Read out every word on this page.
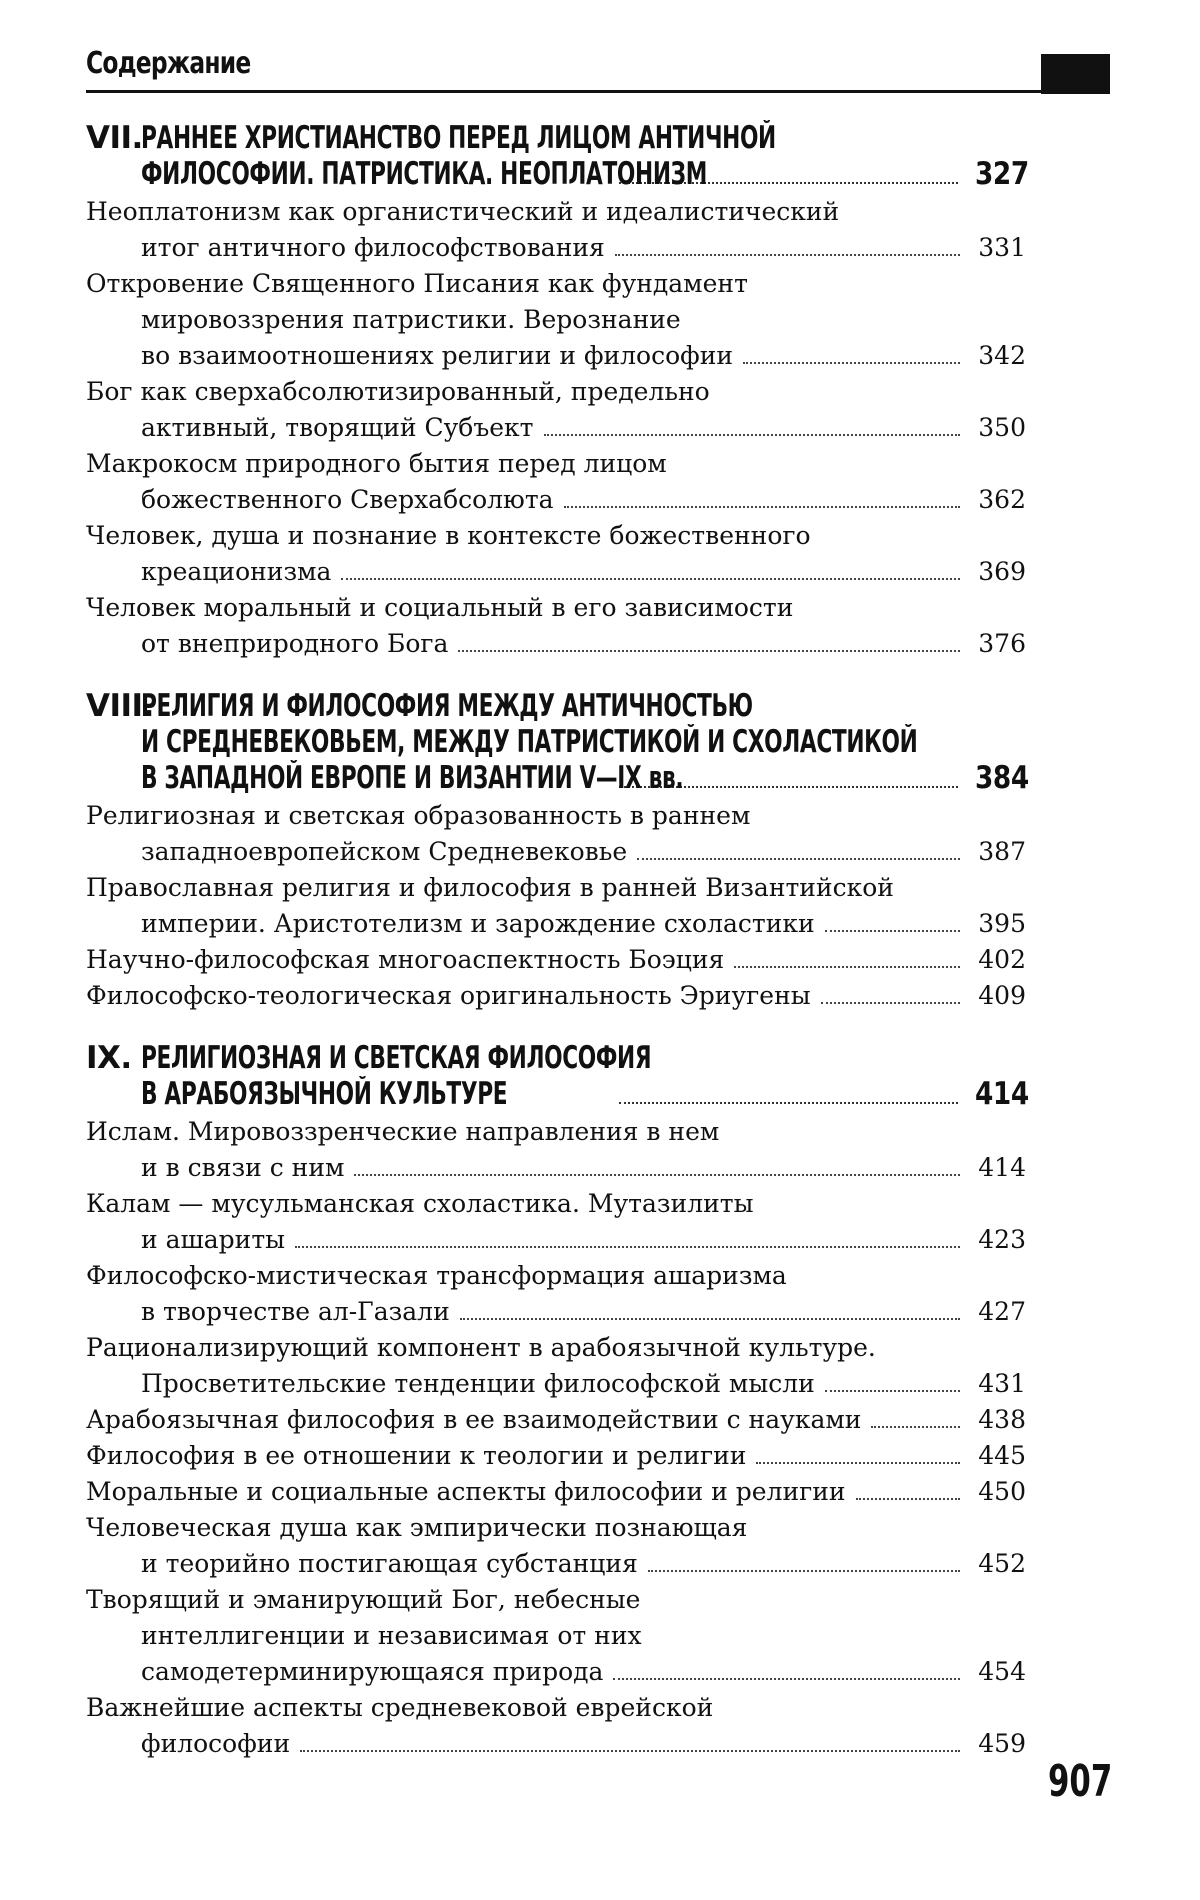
Содержание
VII.
РАННЕЕ ХРИСТИАНСТВО ПЕРЕД ЛИЦОМ АНТИЧНОЙ
ФИЛОСОФИИ. ПАТРИСТИКА. НЕОПЛАТОНИЗМ	327
Неоплатонизм как органистический и идеалистический
итог античного философствования	331
Откровение Священного Писания как фундамент
мировоззрения патристики. Верознание
во взаимоотношениях религии и философии	342
Бог как сверхабсолютизированный, предельно
активный, творящий Субъект	350
Макрокосм природного бытия перед лицом
божественного Сверхабсолюта	362
Человек, душа и познание в контексте божественного
креационизма	369
Человек моральный и социальный в его зависимости
от внеприродного Бога	376
VIII.
РЕЛИГИЯ И ФИЛОСОФИЯ МЕЖДУ АНТИЧНОСТЬЮ
И СРЕДНЕВЕКОВЬЕМ, МЕЖДУ ПАТРИСТИКОЙ И СХОЛАСТИКОЙ
В ЗАПАДНОЙ ЕВРОПЕ И ВИЗАНТИИ V—IX вв.	384
Религиозная и светская образованность в раннем
западноевропейском Средневековье	387
Православная религия и философия в ранней Византийской
империи. Аристотелизм и зарождение схоластики	395
Научно-философская многоаспектность Боэция	402
Философско-теологическая оригинальность Эриугены	409
IX. РЕЛИГИОЗНАЯ И СВЕТСКАЯ ФИЛОСОФИЯ
В АРАБОЯЗЫЧНОЙ КУЛЬТУРЕ	414
Ислам. Мировоззренческие направления в нем
и в связи с ним	414
Калам — мусульманская схоластика. Мутазилиты
и ашариты	423
Философско-мистическая трансформация ашаризма
в творчестве ал-Газали	427
Рационализирующий компонент в арабоязычной культуре.
Просветительские тенденции философской мысли	431
Арабоязычная философия в ее взаимодействии с науками	438
Философия в ее отношении к теологии и религии	445
Моральные и социальные аспекты философии и религии	450
Человеческая душа как эмпирически познающая
и теорийно постигающая субстанция	452
Творящий и эманирующий Бог, небесные
интеллигенции и независимая от них
самодетерминирующаяся природа	454
Важнейшие аспекты средневековой еврейской
философии	459
907
